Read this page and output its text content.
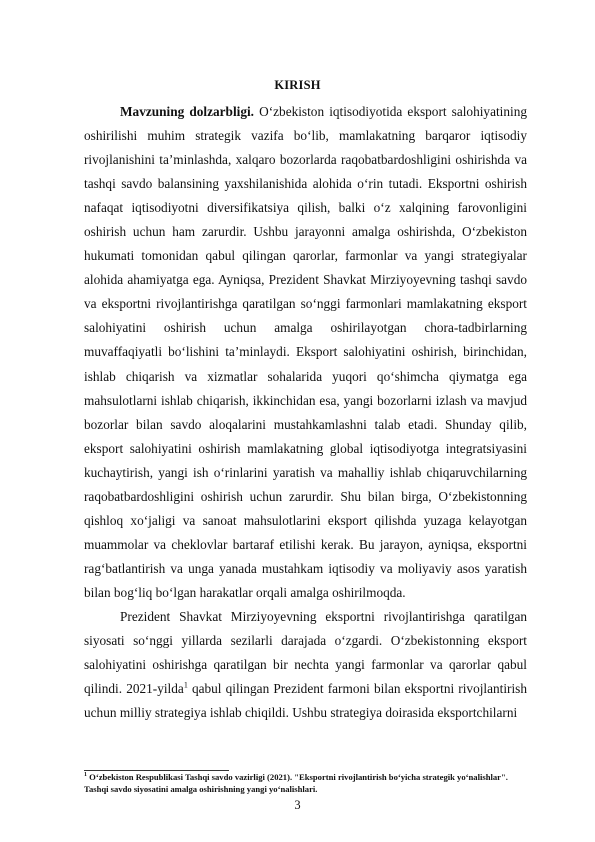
KIRISH

Mavzuning dolzarbligi. O‘zbekiston iqtisodiyotida eksport salohiyatining oshirilishi muhim strategik vazifa bo‘lib, mamlakatning barqaror iqtisodiy rivojlanishini ta’minlashda, xalqaro bozorlarda raqobatbardoshligini oshirishda va tashqi savdo balansining yaxshilanishida alohida o‘rin tutadi. Eksportni oshirish nafaqat iqtisodiyotni diversifikatsiya qilish, balki o‘z xalqining farovonligini oshirish uchun ham zarurdir. Ushbu jarayonni amalga oshirishda, O‘zbekiston hukumati tomonidan qabul qilingan qarorlar, farmonlar va yangi strategiyalar alohida ahamiyatga ega. Ayniqsa, Prezident Shavkat Mirziyoyevning tashqi savdo va eksportni rivojlantirishga qaratilgan so‘nggi farmonlari mamlakatning eksport salohiyatini oshirish uchun amalga oshirilayotgan chora-tadbirlarning muvaffaqiyatli bo‘lishini ta’minlaydi. Eksport salohiyatini oshirish, birinchidan, ishlab chiqarish va xizmatlar sohalarida yuqori qo‘shimcha qiymatga ega mahsulotlarni ishlab chiqarish, ikkinchidan esa, yangi bozorlarni izlash va mavjud bozorlar bilan savdo aloqalarini mustahkamlashni talab etadi. Shunday qilib, eksport salohiyatini oshirish mamlakatning global iqtisodiyotga integratsiyasini kuchaytirish, yangi ish o‘rinlarini yaratish va mahalliy ishlab chiqaruvchilarning raqobatbardoshligini oshirish uchun zarurdir. Shu bilan birga, O‘zbekistonning qishloq xo‘jaligi va sanoat mahsulotlarini eksport qilishda yuzaga kelayotgan muammolar va cheklovlar bartaraf etilishi kerak. Bu jarayon, ayniqsa, eksportni rag‘batlantirish va unga yanada mustahkam iqtisodiy va moliyaviy asos yaratish bilan bog‘liq bo‘lgan harakatlar orqali amalga oshirilmoqda.

Prezident Shavkat Mirziyoyevning eksportni rivojlantirishga qaratilgan siyosati so‘nggi yillarda sezilarli darajada o‘zgardi. O‘zbekistonning eksport salohiyatini oshirishga qaratilgan bir nechta yangi farmonlar va qarorlar qabul qilindi. 2021-yilda$^1$ qabul qilingan Prezident farmoni bilan eksportni rivojlantirish uchun milliy strategiya ishlab chiqildi. Ushbu strategiya doirasida eksportchilarni

$^1$ O‘zbekiston Respublikasi Tashqi savdo vazirligi (2021). "Eksportni rivojlantirish bo‘yicha strategik yo‘nalishlar". Tashqi savdo siyosatini amalga oshirishning yangi yo‘nalishlari.
3
